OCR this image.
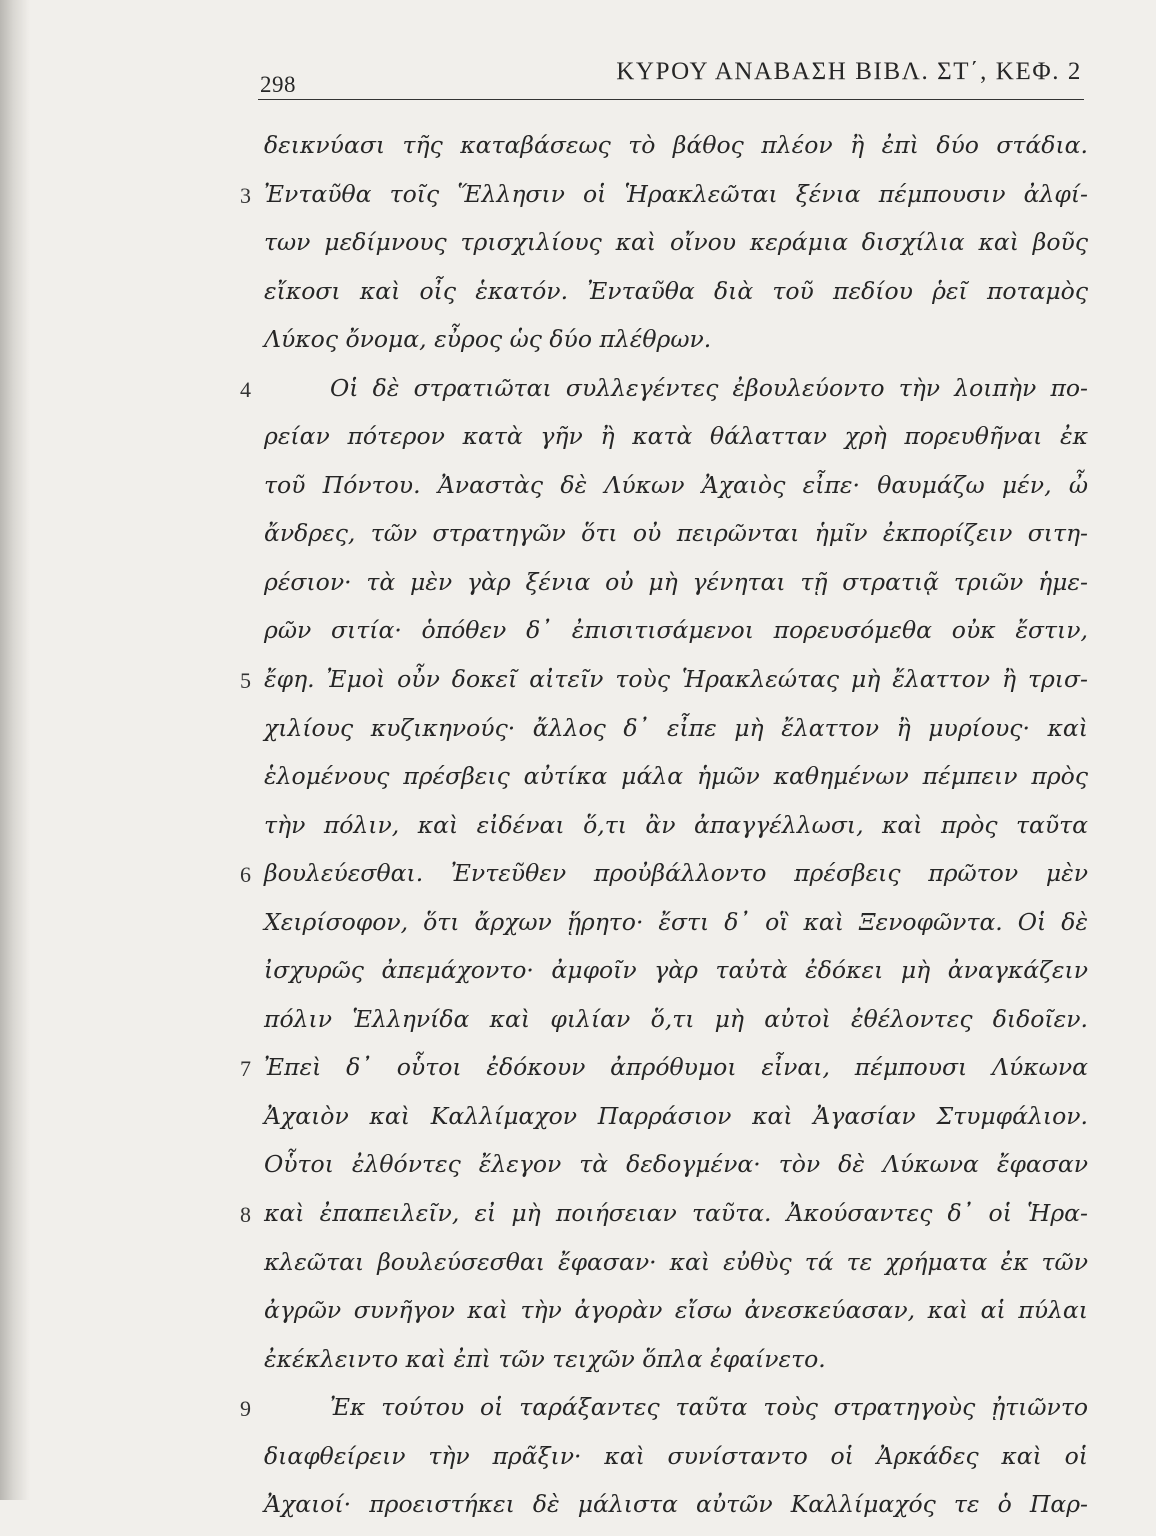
298	ΚΥΡΟΥ ΑΝΑΒΑΣΗ ΒΙΒΛ. ΣΤ΄, ΚΕΦ. 2
δεικνύασι τῆς καταβάσεως τὸ βάθος πλέον ἢ ἐπὶ δύο στάδια.
3 Ἐνταῦθα τοῖς Ἕλλησιν οἱ Ἡρακλεῶται ξένια πέμπουσιν ἀλφί-
των μεδίμνους τρισχιλίους καὶ οἴνου κεράμια δισχίλια καὶ βοῦς
εἴκοσι καὶ οἶς ἑκατόν. Ἐνταῦθα διὰ τοῦ πεδίου ῥεῖ ποταμὸς
Λύκος ὄνομα, εὖρος ὡς δύο πλέθρων.
4	Οἱ δὲ στρατιῶται συλλεγέντες ἐβουλεύοντο τὴν λοιπὴν πο-
ρείαν πότερον κατὰ γῆν ἢ κατὰ θάλατταν χρὴ πορευθῆναι ἐκ
τοῦ Πόντου. Ἀναστὰς δὲ Λύκων Ἀχαιὸς εἶπε· θαυμάζω μέν, ὦ
ἄνδρες, τῶν στρατηγῶν ὅτι οὐ πειρῶνται ἡμῖν ἐκπορίζειν σιτη-
ρέσιον· τὰ μὲν γὰρ ξένια οὐ μὴ γένηται τῇ στρατιᾷ τριῶν ἡμε-
ρῶν σιτία· ὁπόθεν δ᾽ ἐπισιτισάμενοι πορευσόμεθα οὐκ ἔστιν,
5 ἔφη. Ἐμοὶ οὖν δοκεῖ αἰτεῖν τοὺς Ἡρακλεώτας μὴ ἔλαττον ἢ τρισ-
χιλίους κυζικηνούς· ἄλλος δ᾽ εἶπε μὴ ἔλαττον ἢ μυρίους· καὶ
ἑλομένους πρέσβεις αὐτίκα μάλα ἡμῶν καθημένων πέμπειν πρὸς
τὴν πόλιν, καὶ εἰδέναι ὅ,τι ἂν ἀπαγγέλλωσι, καὶ πρὸς ταῦτα
6 βουλεύεσθαι. Ἐντεῦθεν προὐβάλλοντο πρέσβεις πρῶτον μὲν
Χειρίσοφον, ὅτι ἄρχων ᾕρητο· ἔστι δ᾽ οἳ καὶ Ξενοφῶντα. Οἱ δὲ
ἰσχυρῶς ἀπεμάχοντο· ἀμφοῖν γὰρ ταὐτὰ ἐδόκει μὴ ἀναγκάζειν
πόλιν Ἑλληνίδα καὶ φιλίαν ὅ,τι μὴ αὐτοὶ ἐθέλοντες διδοῖεν.
7 Ἐπεὶ δ᾽ οὗτοι ἐδόκουν ἀπρόθυμοι εἶναι, πέμπουσι Λύκωνα
Ἀχαιὸν καὶ Καλλίμαχον Παρράσιον καὶ Ἀγασίαν Στυμφάλιον.
Οὗτοι ἐλθόντες ἔλεγον τὰ δεδογμένα· τὸν δὲ Λύκωνα ἔφασαν
8 καὶ ἐπαπειλεῖν, εἰ μὴ ποιήσειαν ταῦτα. Ἀκούσαντες δ᾽ οἱ Ἡρα-
κλεῶται βουλεύσεσθαι ἔφασαν· καὶ εὐθὺς τά τε χρήματα ἐκ τῶν
ἀγρῶν συνῆγον καὶ τὴν ἀγορὰν εἴσω ἀνεσκεύασαν, καὶ αἱ πύλαι
ἐκέκλειντο καὶ ἐπὶ τῶν τειχῶν ὅπλα ἐφαίνετο.
9	Ἐκ τούτου οἱ ταράξαντες ταῦτα τοὺς στρατηγοὺς ᾐτιῶντο
διαφθείρειν τὴν πρᾶξιν· καὶ συνίσταντο οἱ Ἀρκάδες καὶ οἱ
Ἀχαιοί· προειστήκει δὲ μάλιστα αὐτῶν Καλλίμαχός τε ὁ Παρ-
